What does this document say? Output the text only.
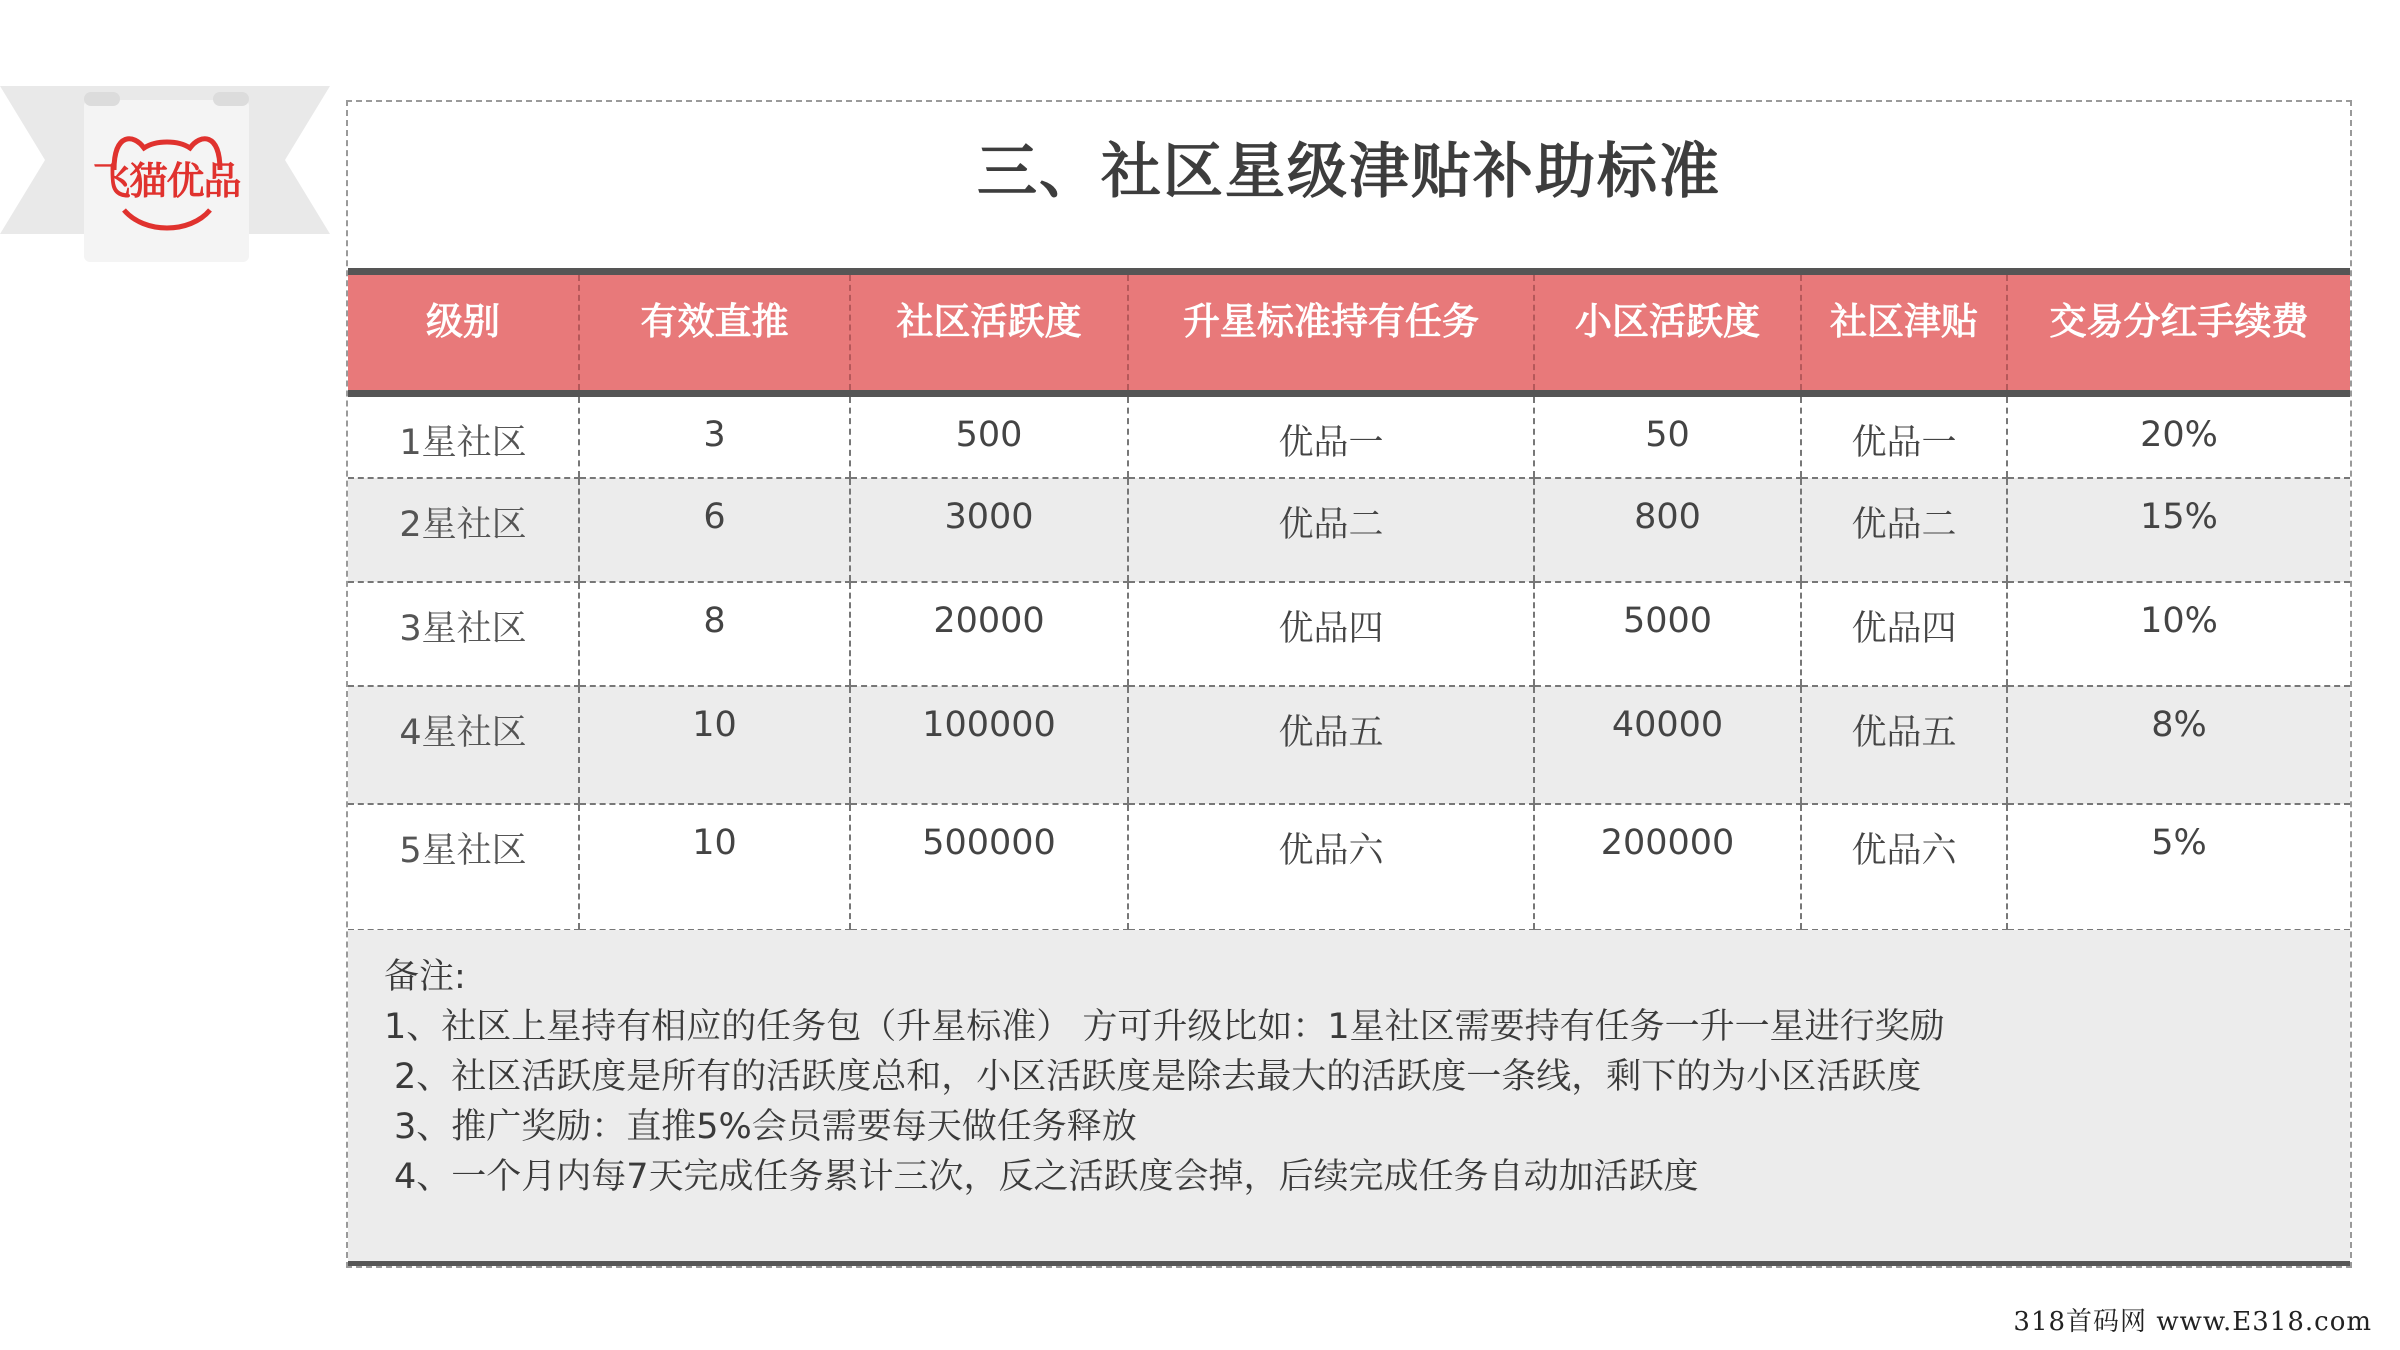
飞猫优品	三、社区星级津贴补助标准
级别	有效直推	社区活跃度	升星标准持有任务	小区活跃度	社区津贴	交易分红手续费
1星社区	3	500	优品一	50	优品一	20%
2星社区	6	3000	优品二	800	优品二	15%
3星社区	8	20000	优品四	5000	优品四	10%
4星社区	10	100000	优品五	40000	优品五	8%
5星社区	10	500000	优品六	200000	优品六	5%

备注:

1、社区上星持有相应的任务包（升星标准） 方可升级比如：1星社区需要持有任务一升一星进行奖励

2、社区活跃度是所有的活跃度总和，小区活跃度是除去最大的活跃度一条线，剩下的为小区活跃度

3、推广奖励：直推5%会员需要每天做任务释放

4、一个月内每7天完成任务累计三次，反之活跃度会掉，后续完成任务自动加活跃度

318首码网 www.E318.com
